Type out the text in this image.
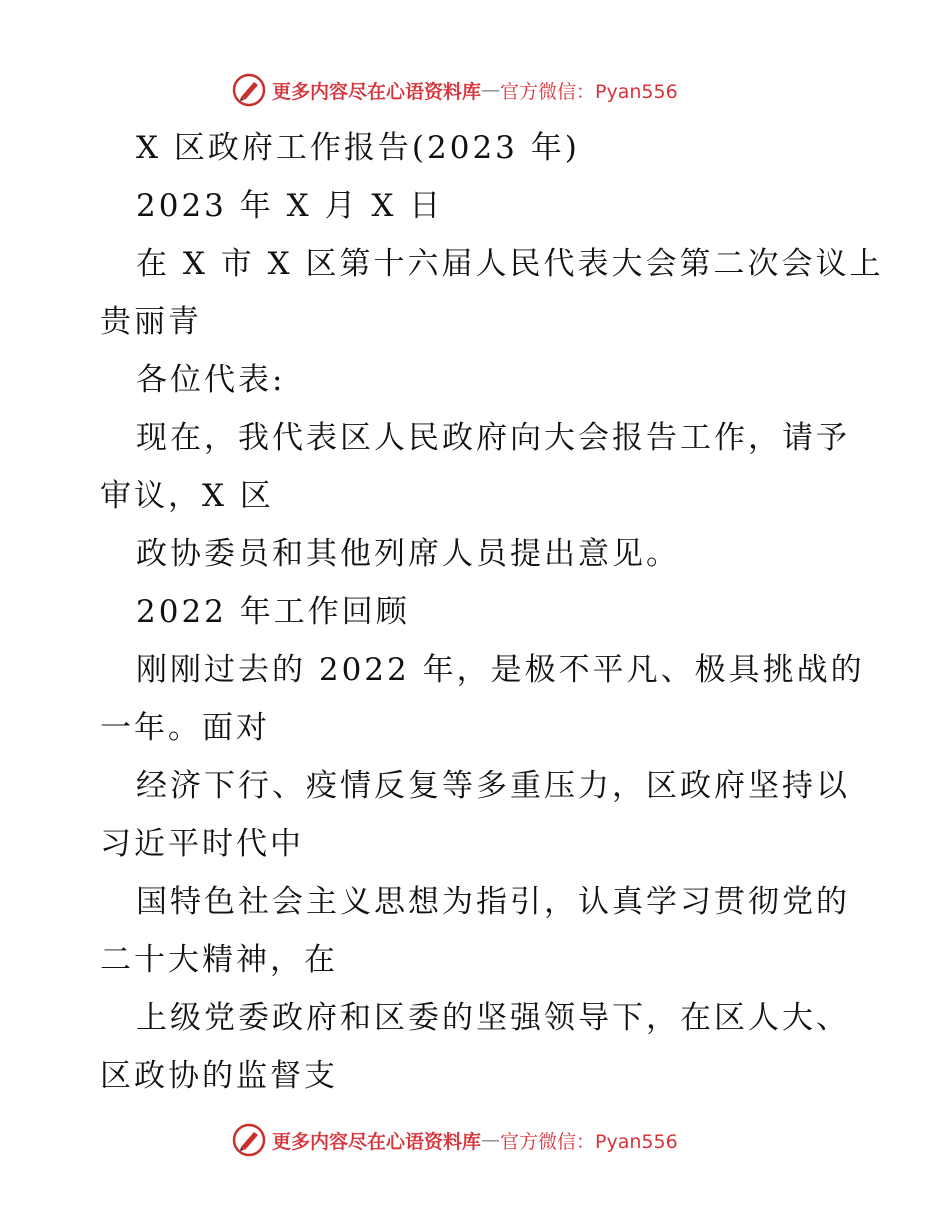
更多内容尽在心语资料库 — 官方微信：Pyan556
X 区政府工作报告(2023 年)
2023 年 X 月 X 日
在 X 市 X 区第十六届人民代表大会第二次会议上
贵丽青
各位代表:
现在，我代表区人民政府向大会报告工作，请予
审议，X 区
政协委员和其他列席人员提出意见。
2022 年工作回顾
刚刚过去的 2022 年，是极不平凡、极具挑战的
一年。面对
经济下行、疫情反复等多重压力，区政府坚持以
习近平时代中
国特色社会主义思想为指引，认真学习贯彻党的
二十大精神，在
上级党委政府和区委的坚强领导下，在区人大、
区政协的监督支
更多内容尽在心语资料库 — 官方微信：Pyan556
